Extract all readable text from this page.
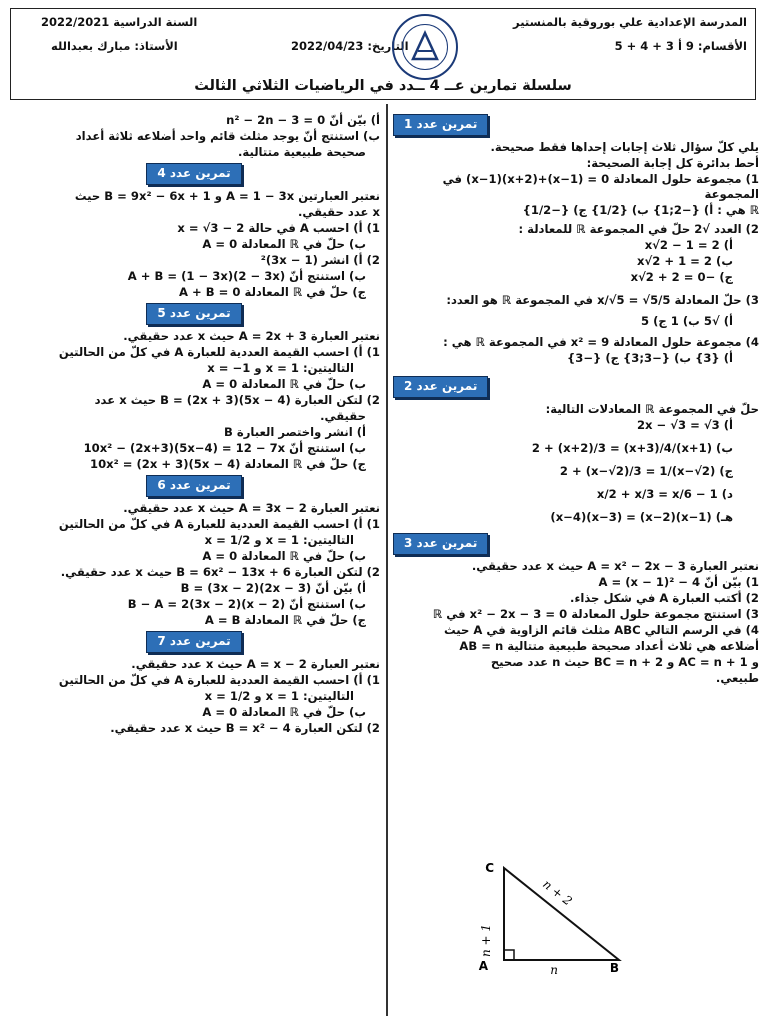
المدرسة الإعدادية علي بوروقية بالمنستير
السنة الدراسية 2022/2021
الأقسام: 9 أ 3 + 4 + 5
التاريخ: 2022/04/23
الأستاذ: مبارك بعبدالله
سلسلة تمارين عــ 4 ــدد في الرياضيات الثلاثي الثالث
تمرين عدد 1

يلي كلّ سؤال ثلاث إجابات إحداها فقط صحيحة.

أحط بدائرة كل إجابة الصحيحة:

1) مجموعة حلول المعادلة 0 = (x−1)+(x+2)(x−1) في المجموعة

ℝ هي : أ) {−2;1} ب) {1/2} ج) {−1/2}

2) العدد √2 حلّ في المجموعة ℝ للمعادلة :

أ) x√2 − 1 = 2

ب) x√2 + 1 = 2

ج) −x√2 + 2 = 0

3) حلّ المعادلة x/√5 = √5/5 في المجموعة ℝ هو العدد:

أ) √5 ب) 1 ج) 5

4) مجموعة حلول المعادلة x² = 9 في المجموعة ℝ هي :

أ) {3} ب) {−3;3} ج) {−3}

تمرين عدد 2

حلّ في المجموعة ℝ المعادلات التالية:

أ) 2x − √3 = √3

ب) (x+1)/2 + (x+2)/3 = (x+3)/4

ج) (x−√2)/2 + (x−√2)/3 = 1

د) x/2 + x/3 = x/6 − 1

هـ) (x−1)(x−2) = (x−3)(x−4)

تمرين عدد 3

نعتبر العبارة A = x² − 2x − 3 حيث x عدد حقيقي.

1) بيّن أنّ A = (x − 1)² − 4

2) أكتب العبارة A في شكل جذاء.

3) استنتج مجموعة حلول المعادلة x² − 2x − 3 = 0 في ℝ

4) في الرسم التالي ABC مثلث قائم الزاوية في A حيث

أضلاعه هي ثلاث أعداد صحيحة طبيعية متتالية AB = n

و AC = n + 1 و BC = n + 2 حيث n عدد صحيح

طبيعي.

C
A	B
n + 2
n + 1
n

أ) بيّن أنّ n² − 2n − 3 = 0

ب) استنتج أنّ يوجد مثلث قائم واحد أضلاعه ثلاثة أعداد

صحيحة طبيعية متتالية.

تمرين عدد 4

نعتبر العبارتين A = 1 − 3x و B = 9x² − 6x + 1 حيث

x عدد حقيقي.

1) أ) احسب A في حالة x = √3 − 2

ب) حلّ في ℝ المعادلة A = 0

2) أ) انشر (1 − 3x)²

ب) استنتج أنّ A + B = (1 − 3x)(2 − 3x)

ج) حلّ في ℝ المعادلة A + B = 0

تمرين عدد 5

نعتبر العبارة A = 2x + 3 حيث x عدد حقيقي.

1) أ) احسب القيمة العددية للعبارة A في كلّ من الحالتين

التاليتين: x = 1 و x = −1

ب) حلّ في ℝ المعادلة A = 0

2) لتكن العبارة B = (2x + 3)(5x − 4) حيث x عدد

حقيقي.

أ) انشر واختصر العبارة B

ب) استنتج أنّ 10x² − (2x+3)(5x−4) = 12 − 7x

ج) حلّ في ℝ المعادلة 10x² = (2x + 3)(5x − 4)

تمرين عدد 6

نعتبر العبارة A = 3x − 2 حيث x عدد حقيقي.

1) أ) احسب القيمة العددية للعبارة A في كلّ من الحالتين

التاليتين: x = 1 و x = 1/2

ب) حلّ في ℝ المعادلة A = 0

2) لتكن العبارة B = 6x² − 13x + 6 حيث x عدد حقيقي.

أ) بيّن أنّ B = (3x − 2)(2x − 3)

ب) استنتج أنّ B − A = 2(3x − 2)(x − 2)

ج) حلّ في ℝ المعادلة A = B

تمرين عدد 7

نعتبر العبارة A = x − 2 حيث x عدد حقيقي.

1) أ) احسب القيمة العددية للعبارة A في كلّ من الحالتين

التاليتين: x = 1 و x = 1/2

ب) حلّ في ℝ المعادلة A = 0

2) لتكن العبارة B = x² − 4 حيث x عدد حقيقي.
